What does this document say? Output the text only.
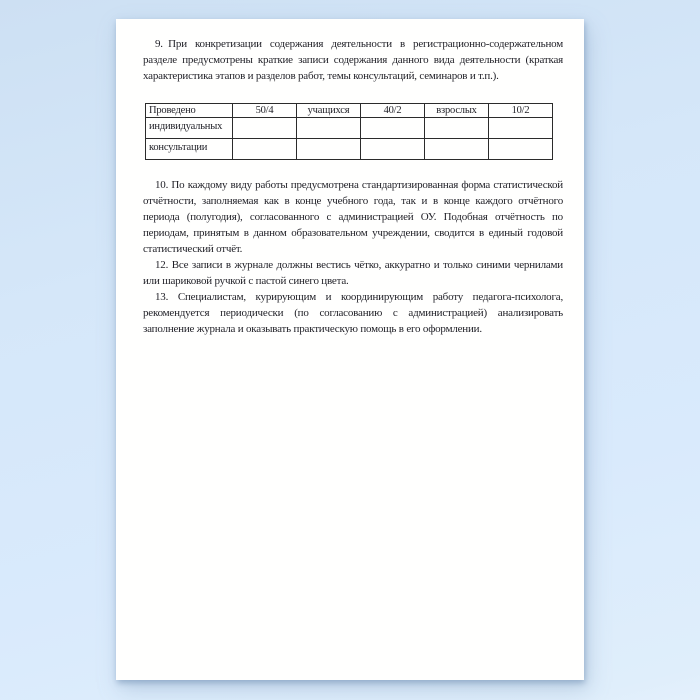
9. При конкретизации содержания деятельности в регистрационно-содержательном разделе предусмотрены краткие записи содержания данного вида деятельности (краткая характеристика этапов и разделов работ, темы консультаций, семинаров и т.п.).

Проведено	50/4	учащихся	40/2	взрослых	10/2
индивидуальных					
консультации					

10. По каждому виду работы предусмотрена стандартизированная форма статистической отчётности, заполняемая как в конце учебного года, так и в конце каждого отчётного периода (полугодия), согласованного с администрацией ОУ. Подобная отчётность по периодам, принятым в данном образовательном учреждении, сводится в единый годовой статистический отчёт.

12. Все записи в журнале должны вестись чётко, аккуратно и только синими чернилами или шариковой ручкой с пастой синего цвета.

13. Специалистам, курирующим и координирующим работу педагога-психолога, рекомендуется периодически (по согласованию с администрацией) анализировать заполнение журнала и оказывать практическую помощь в его оформлении.
